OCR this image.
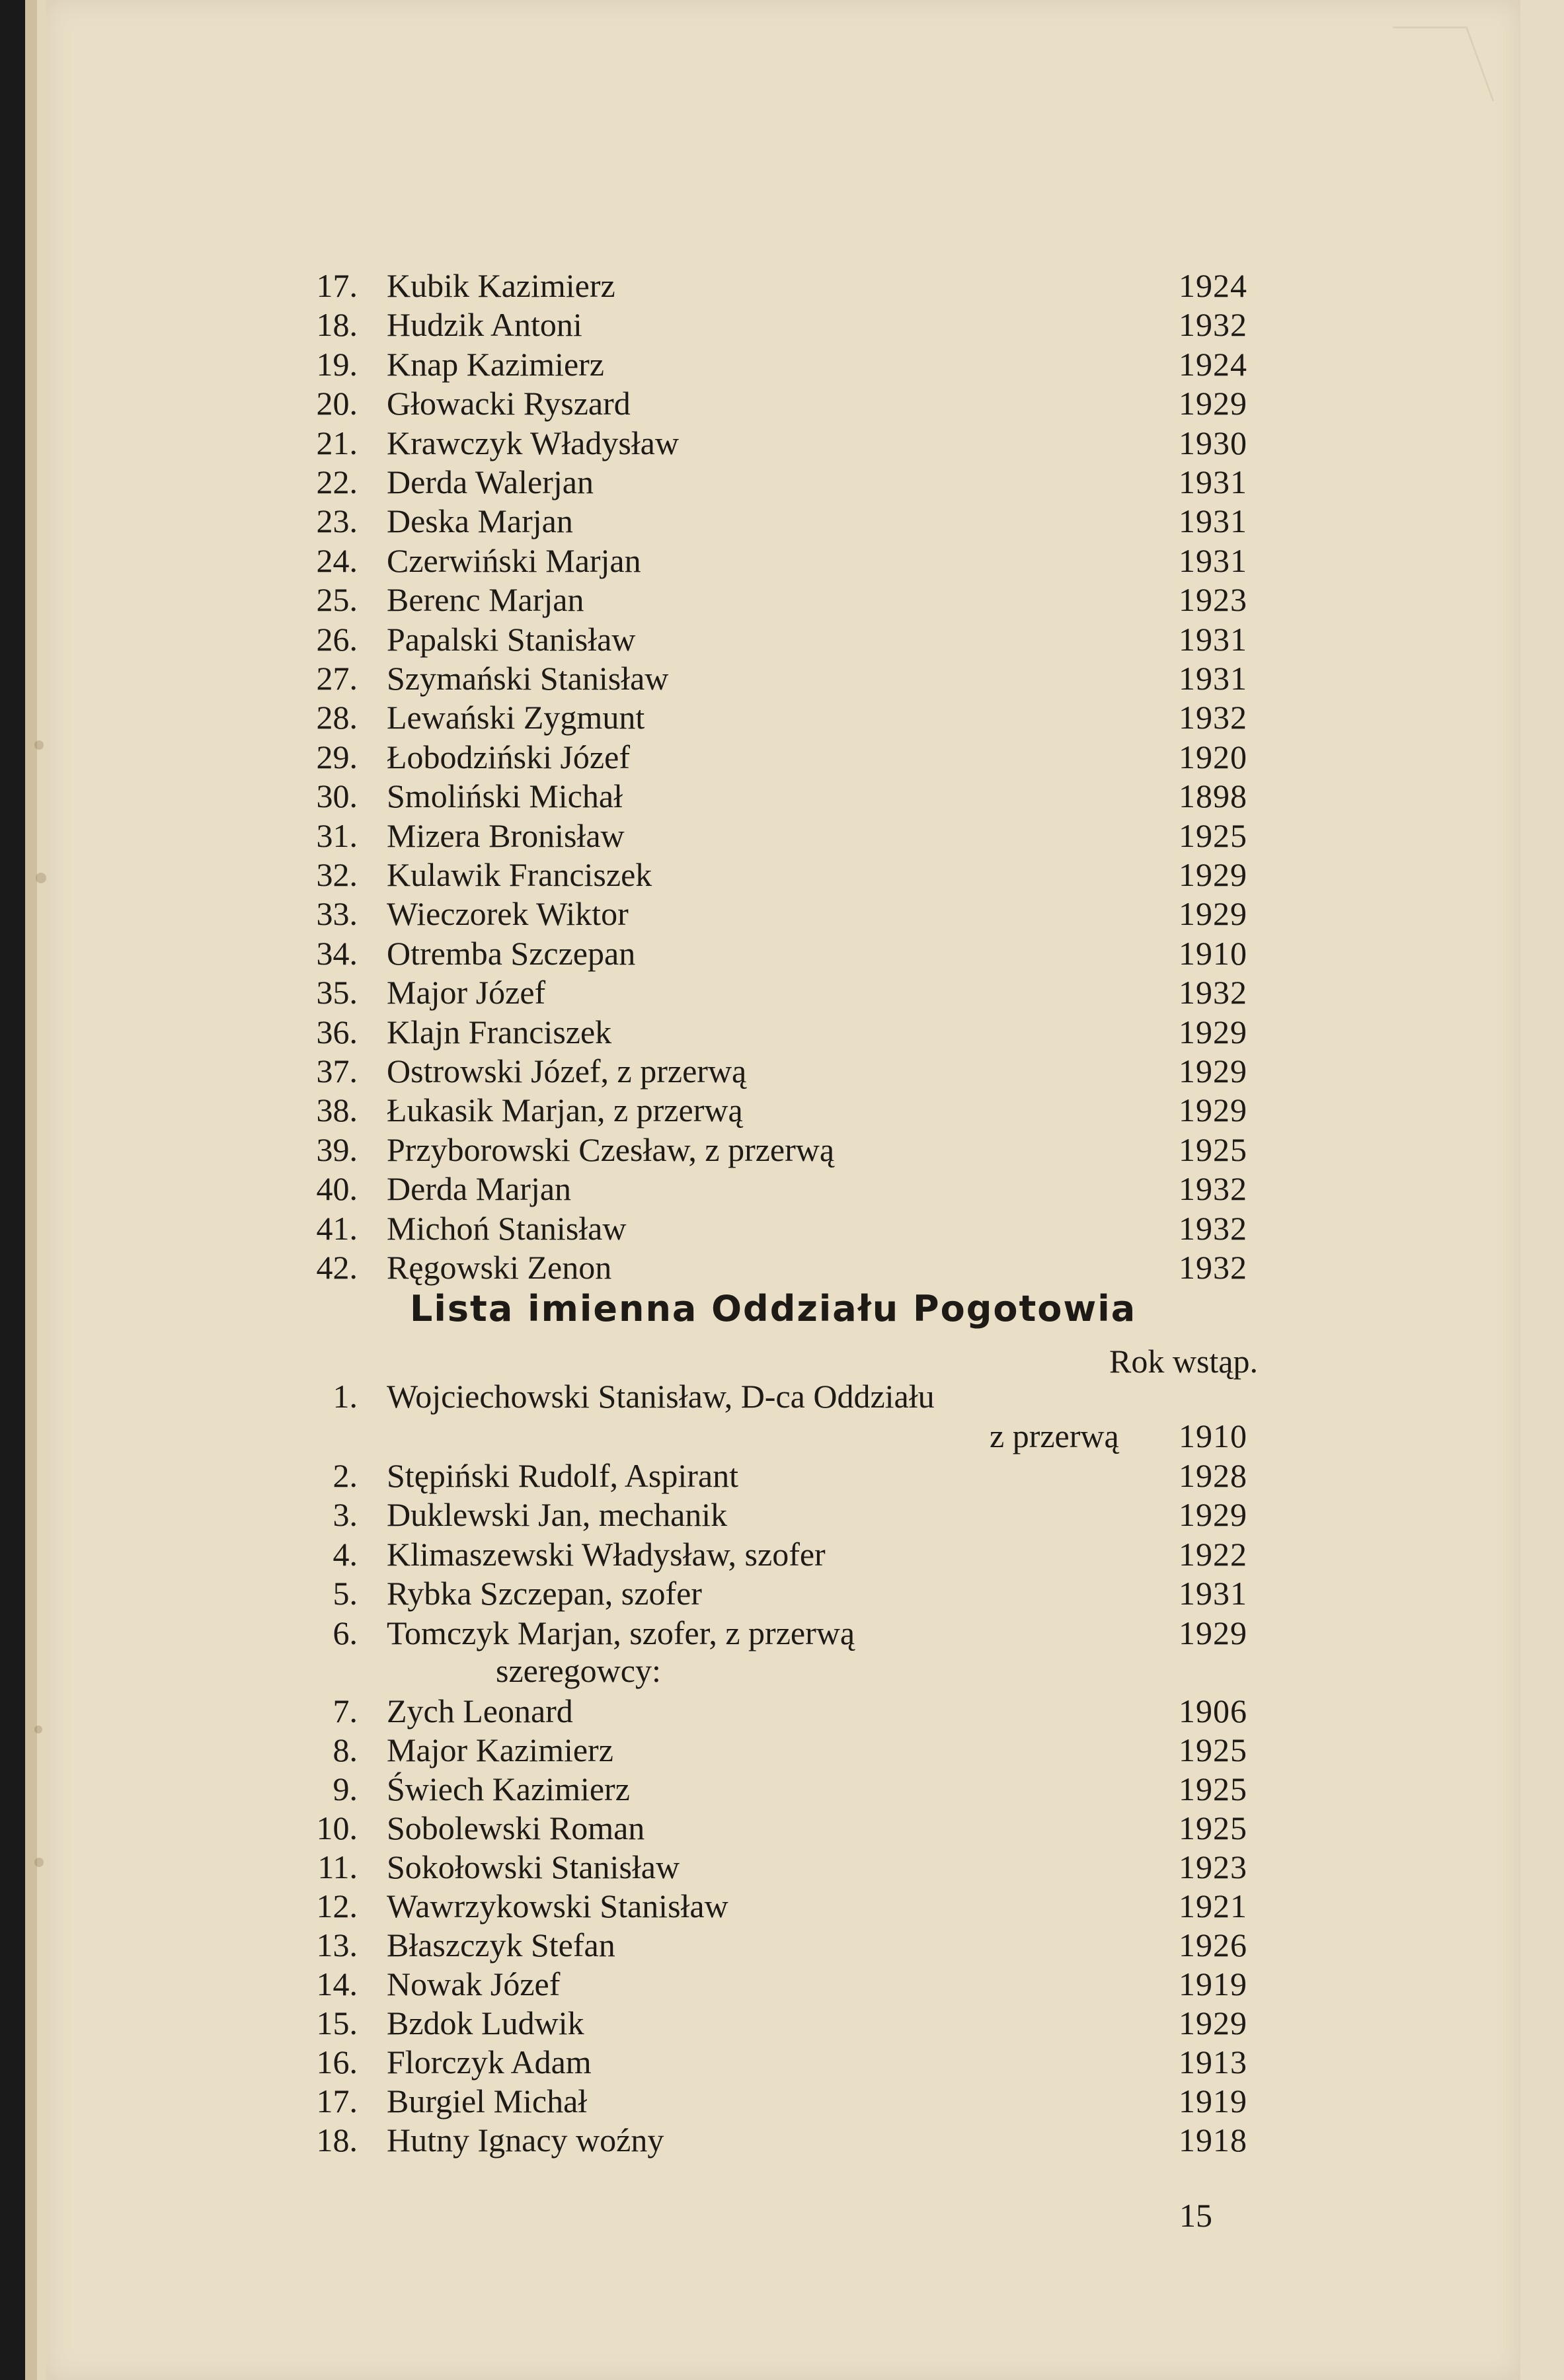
17. Kubik Kazimierz	1924
18. Hudzik Antoni	1932
19. Knap Kazimierz	1924
20. Głowacki Ryszard	1929
21. Krawczyk Władysław	1930
22. Derda Walerjan	1931
23. Deska Marjan	1931
24. Czerwiński Marjan	1931
25. Berenc Marjan	1923
26. Papalski Stanisław	1931
27. Szymański Stanisław	1931
28. Lewański Zygmunt	1932
29. Łobodziński Józef	1920
30. Smoliński Michał	1898
31. Mizera Bronisław	1925
32. Kulawik Franciszek	1929
33. Wieczorek Wiktor	1929
34. Otremba Szczepan	1910
35. Major Józef	1932
36. Klajn Franciszek	1929
37. Ostrowski Józef, z przerwą	1929
38. Łukasik Marjan, z przerwą	1929
39. Przyborowski Czesław, z przerwą	1925
40. Derda Marjan	1932
41. Michoń Stanisław	1932
42. Ręgowski Zenon	1932
Lista imienna Oddziału Pogotowia
Rok wstąp.
1. Wojciechowski Stanisław, D-ca Oddziału
z przerwą 1910
2. Stępiński Rudolf, Aspirant	1928
3. Duklewski Jan, mechanik	1929
4. Klimaszewski Władysław, szofer	1922
5. Rybka Szczepan, szofer	1931
6. Tomczyk Marjan, szofer, z przerwą	1929
szeregowcy:
7. Zych Leonard	1906
8. Major Kazimierz	1925
9. Świech Kazimierz	1925
10. Sobolewski Roman	1925
11. Sokołowski Stanisław	1923
12. Wawrzykowski Stanisław	1921
13. Błaszczyk Stefan	1926
14. Nowak Józef	1919
15. Bzdok Ludwik	1929
16. Florczyk Adam	1913
17. Burgiel Michał	1919
18. Hutny Ignacy woźny	1918
15
